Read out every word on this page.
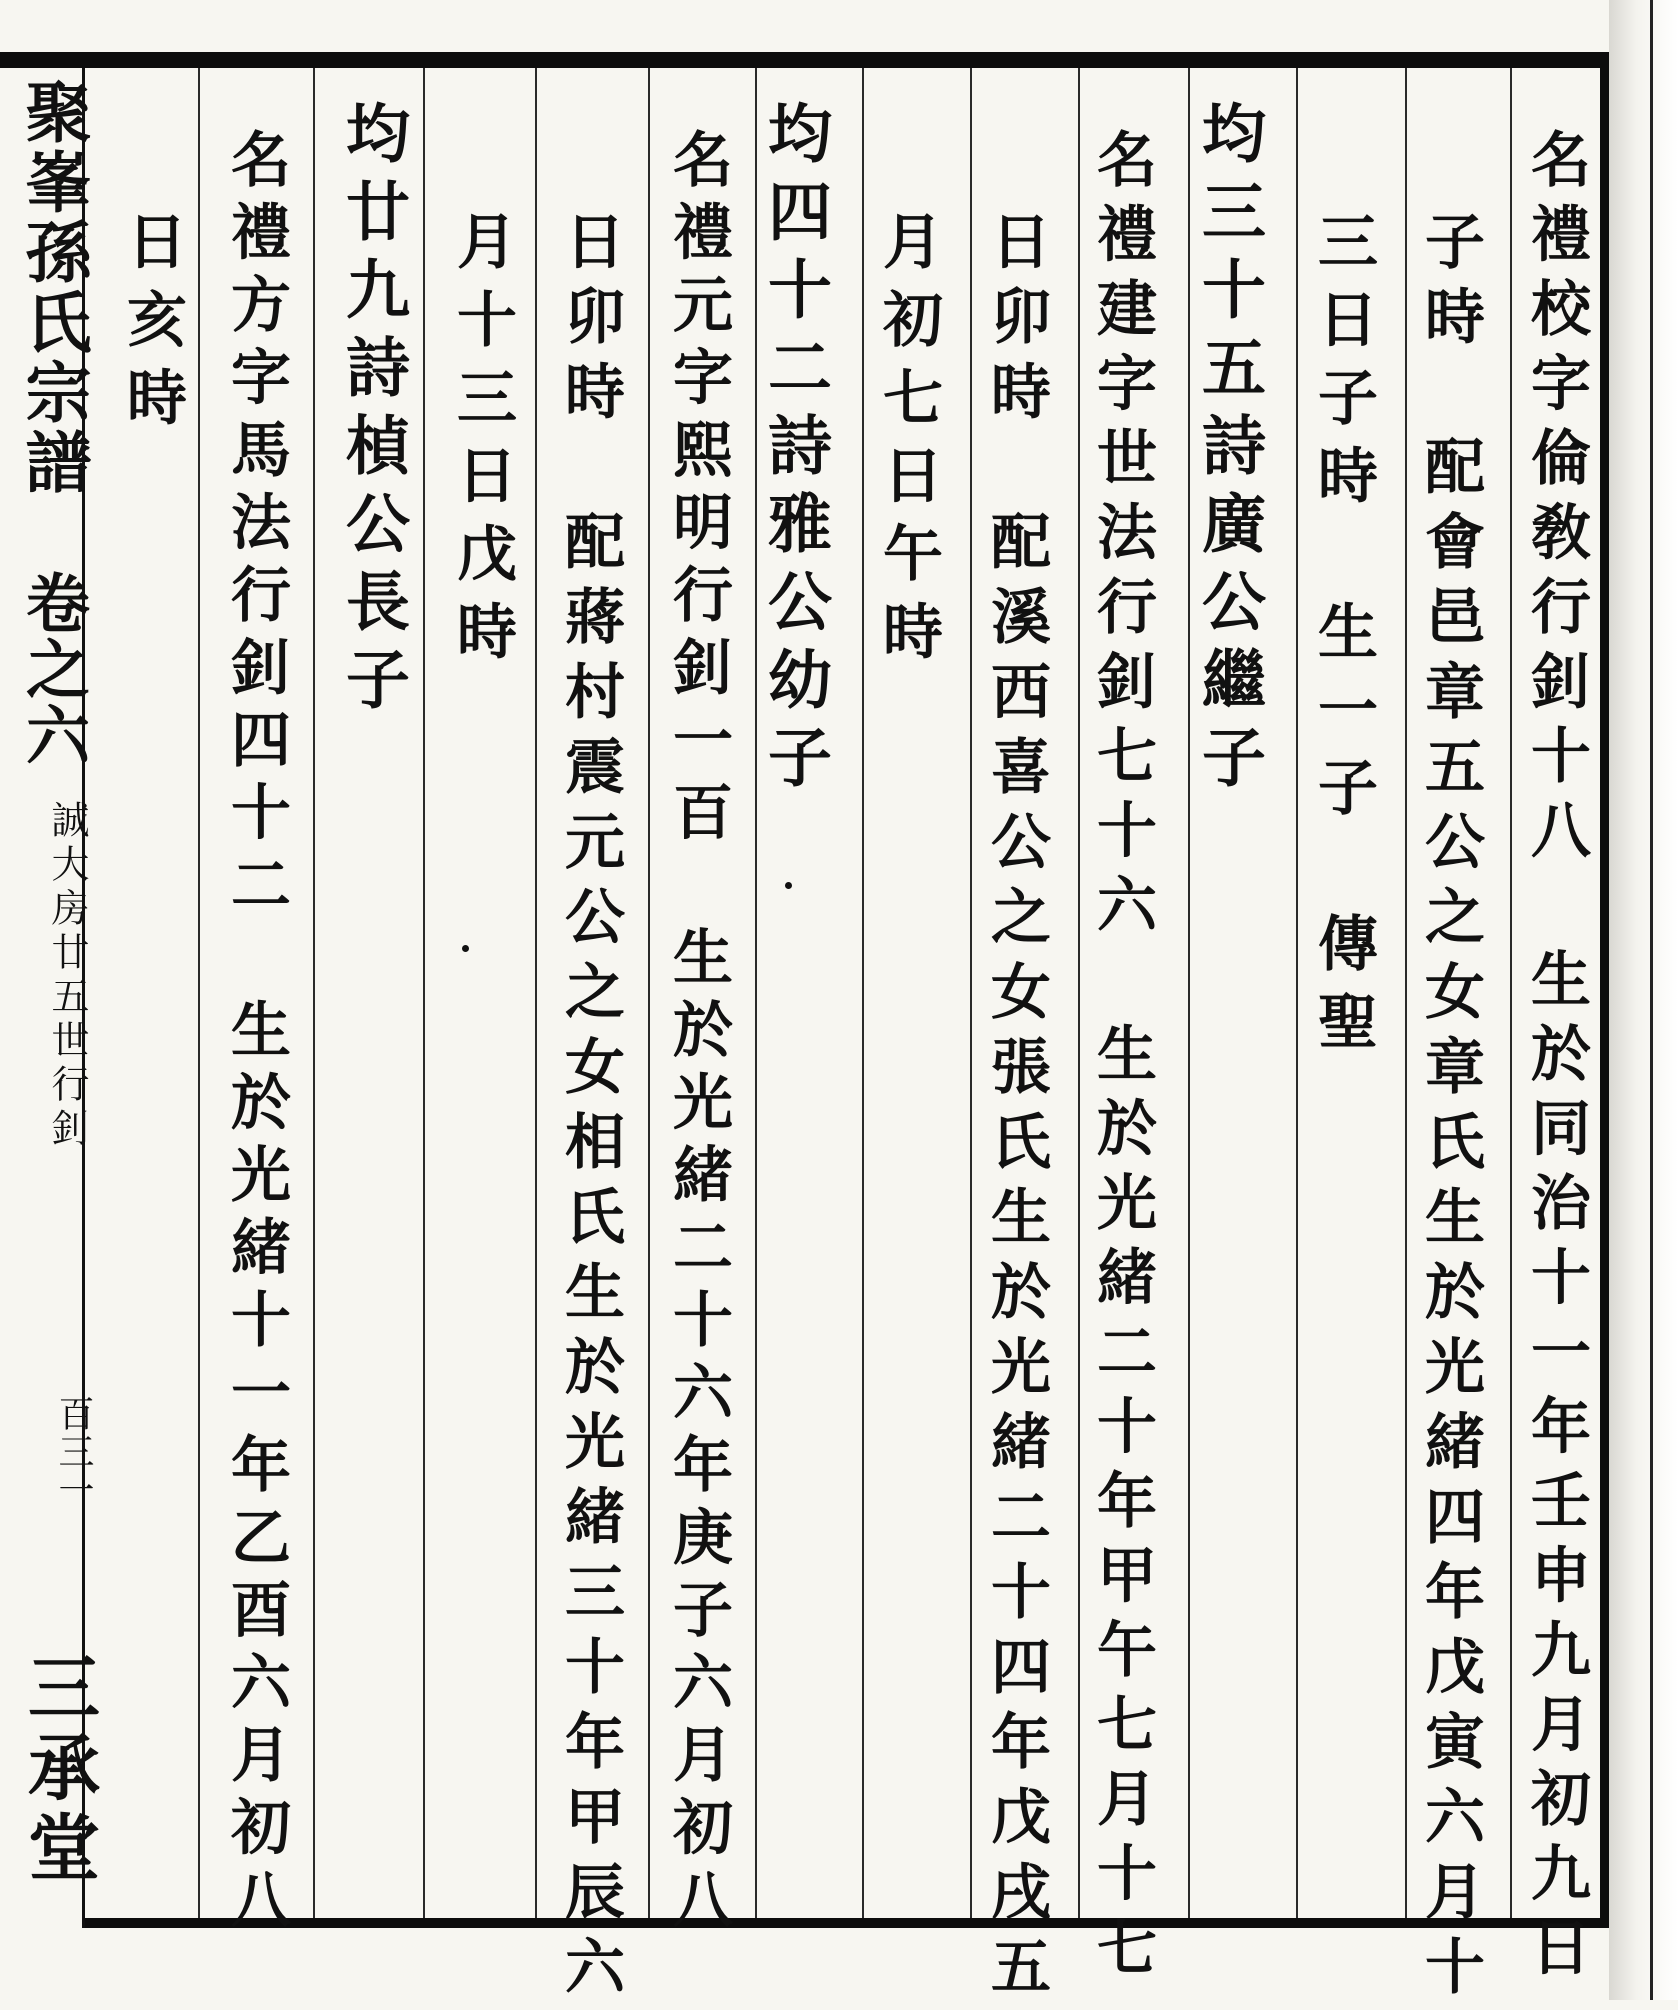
聚峯孫氏宗譜
卷之六
誠大房廿五世行釗
百三一
三承堂	名禮校字倫敎行釗十八　生於同治十一年壬申九月初九日
子時　配會邑章五公之女章氏生於光緒四年戊寅六月十
三日子時　生一子　傳聖
均三十五詩廣公繼子
名禮建字世法行釗七十六　生於光緒二十年甲午七月十七
日卯時　配溪西喜公之女張氏生於光緒二十四年戊戌五
月初七日午時
均四十二詩雅公幼子
名禮元字熙明行釗一百　生於光緒二十六年庚子六月初八
日卯時　配蔣村震元公之女相氏生於光緒三十年甲辰六
月十三日戊時
均廿九詩楨公長子
名禮方字馬法行釗四十二　生於光緒十一年乙酉六月初八
日亥時
